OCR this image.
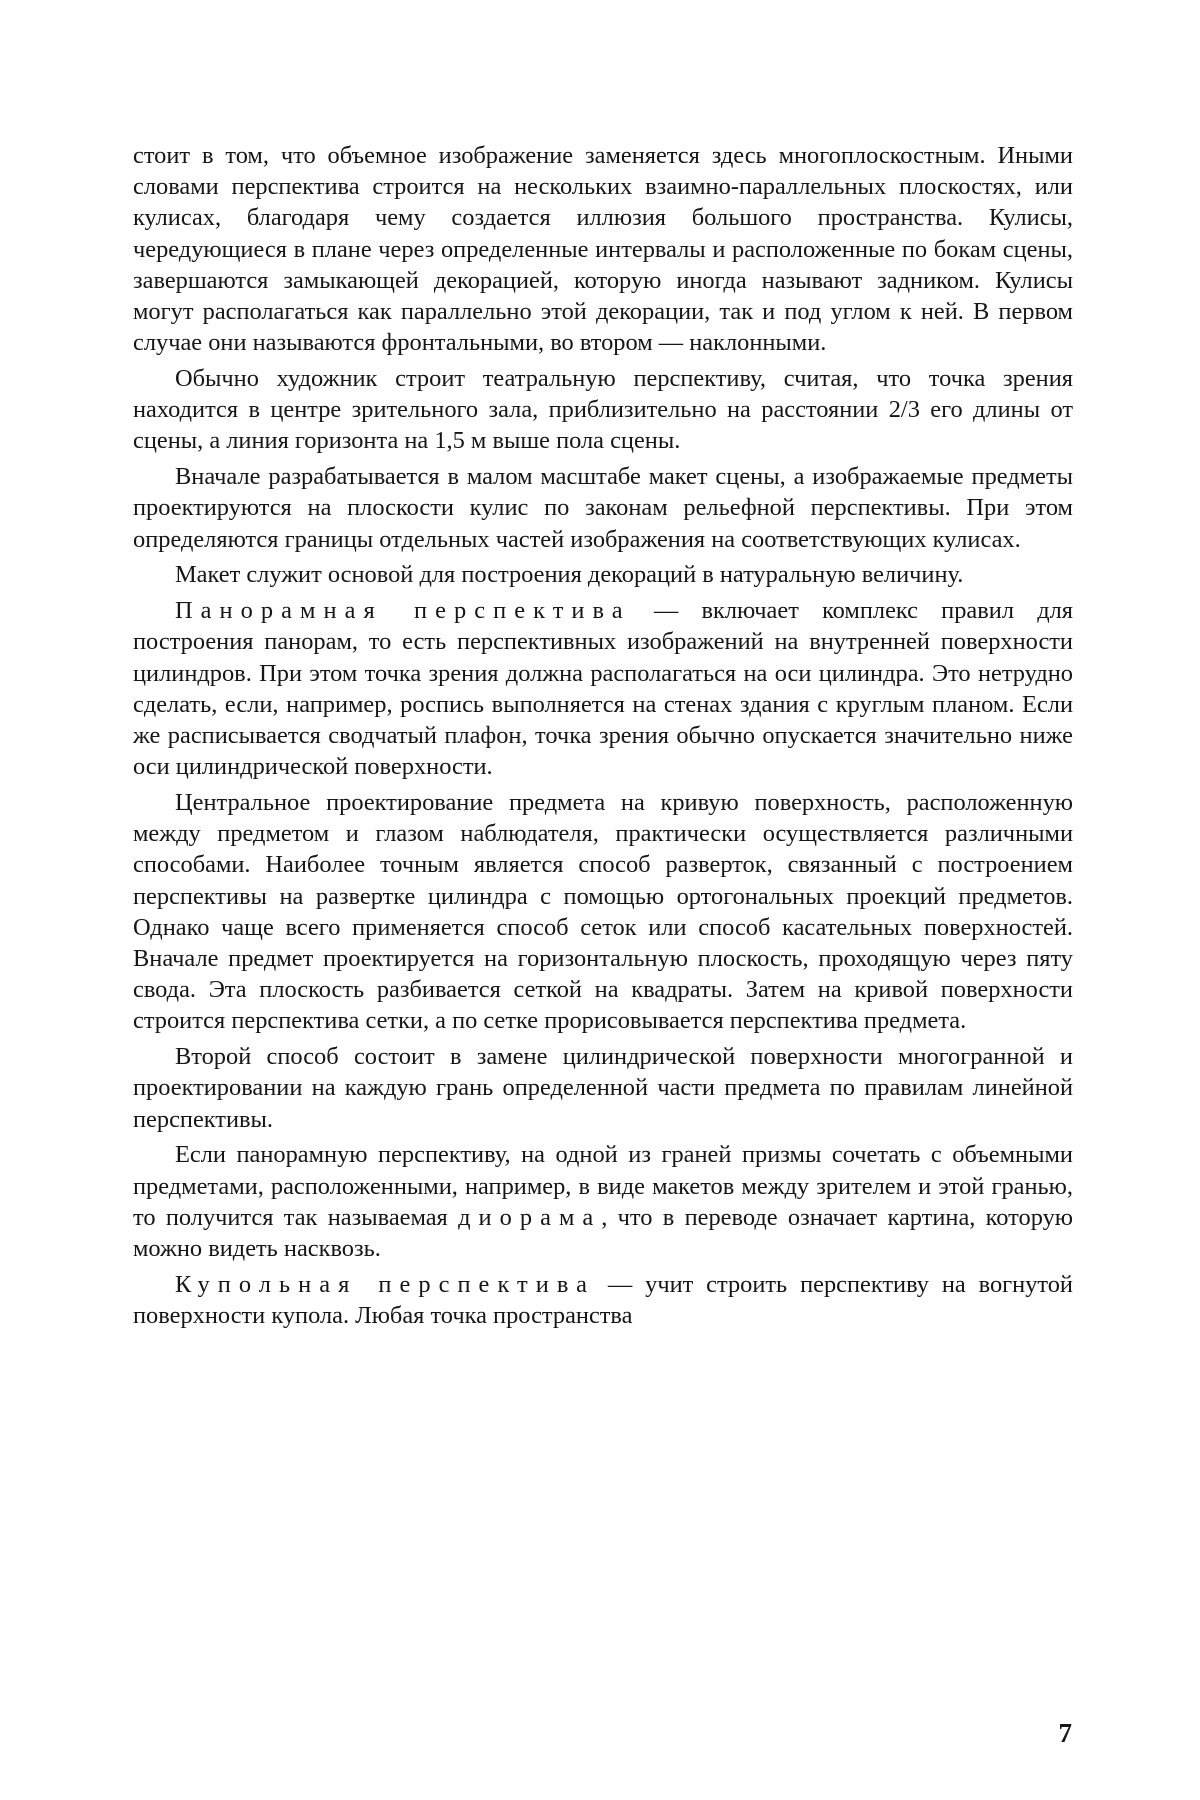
стоит в том, что объемное изображение заменяется здесь многоплоскостным. Иными словами перспектива строится на нескольких взаимно-параллельных плоскостях, или кулисах, благодаря чему создается иллюзия большого пространства. Кулисы, чередующиеся в плане через определенные интервалы и расположенные по бокам сцены, завершаются замыкающей декорацией, которую иногда называют задником. Кулисы могут располагаться как параллельно этой декорации, так и под углом к ней. В первом случае они называются фронтальными, во втором — наклонными.

Обычно художник строит театральную перспективу, считая, что точка зрения находится в центре зрительного зала, приблизительно на расстоянии 2/3 его длины от сцены, а линия горизонта на 1,5 м выше пола сцены.

Вначале разрабатывается в малом масштабе макет сцены, а изображаемые предметы проектируются на плоскости кулис по законам рельефной перспективы. При этом определяются границы отдельных частей изображения на соответствующих кулисах.

Макет служит основой для построения декораций в натуральную величину.

Панорамная перспектива — включает комплекс правил для построения панорам, то есть перспективных изображений на внутренней поверхности цилиндров. При этом точка зрения должна располагаться на оси цилиндра. Это нетрудно сделать, если, например, роспись выполняется на стенах здания с круглым планом. Если же расписывается сводчатый плафон, точка зрения обычно опускается значительно ниже оси цилиндрической поверхности.

Центральное проектирование предмета на кривую поверхность, расположенную между предметом и глазом наблюдателя, практически осуществляется различными способами. Наиболее точным является способ разверток, связанный с построением перспективы на развертке цилиндра с помощью ортогональных проекций предметов. Однако чаще всего применяется способ сеток или способ касательных поверхностей. Вначале предмет проектируется на горизонтальную плоскость, проходящую через пяту свода. Эта плоскость разбивается сеткой на квадраты. Затем на кривой поверхности строится перспектива сетки, а по сетке прорисовывается перспектива предмета.

Второй способ состоит в замене цилиндрической поверхности многогранной и проектировании на каждую грань определенной части предмета по правилам линейной перспективы.

Если панорамную перспективу, на одной из граней призмы сочетать с объемными предметами, расположенными, например, в виде макетов между зрителем и этой гранью, то получится так называемая диорама, что в переводе означает картина, которую можно видеть насквозь.

Купольная перспектива — учит строить перспективу на вогнутой поверхности купола. Любая точка пространства

7
